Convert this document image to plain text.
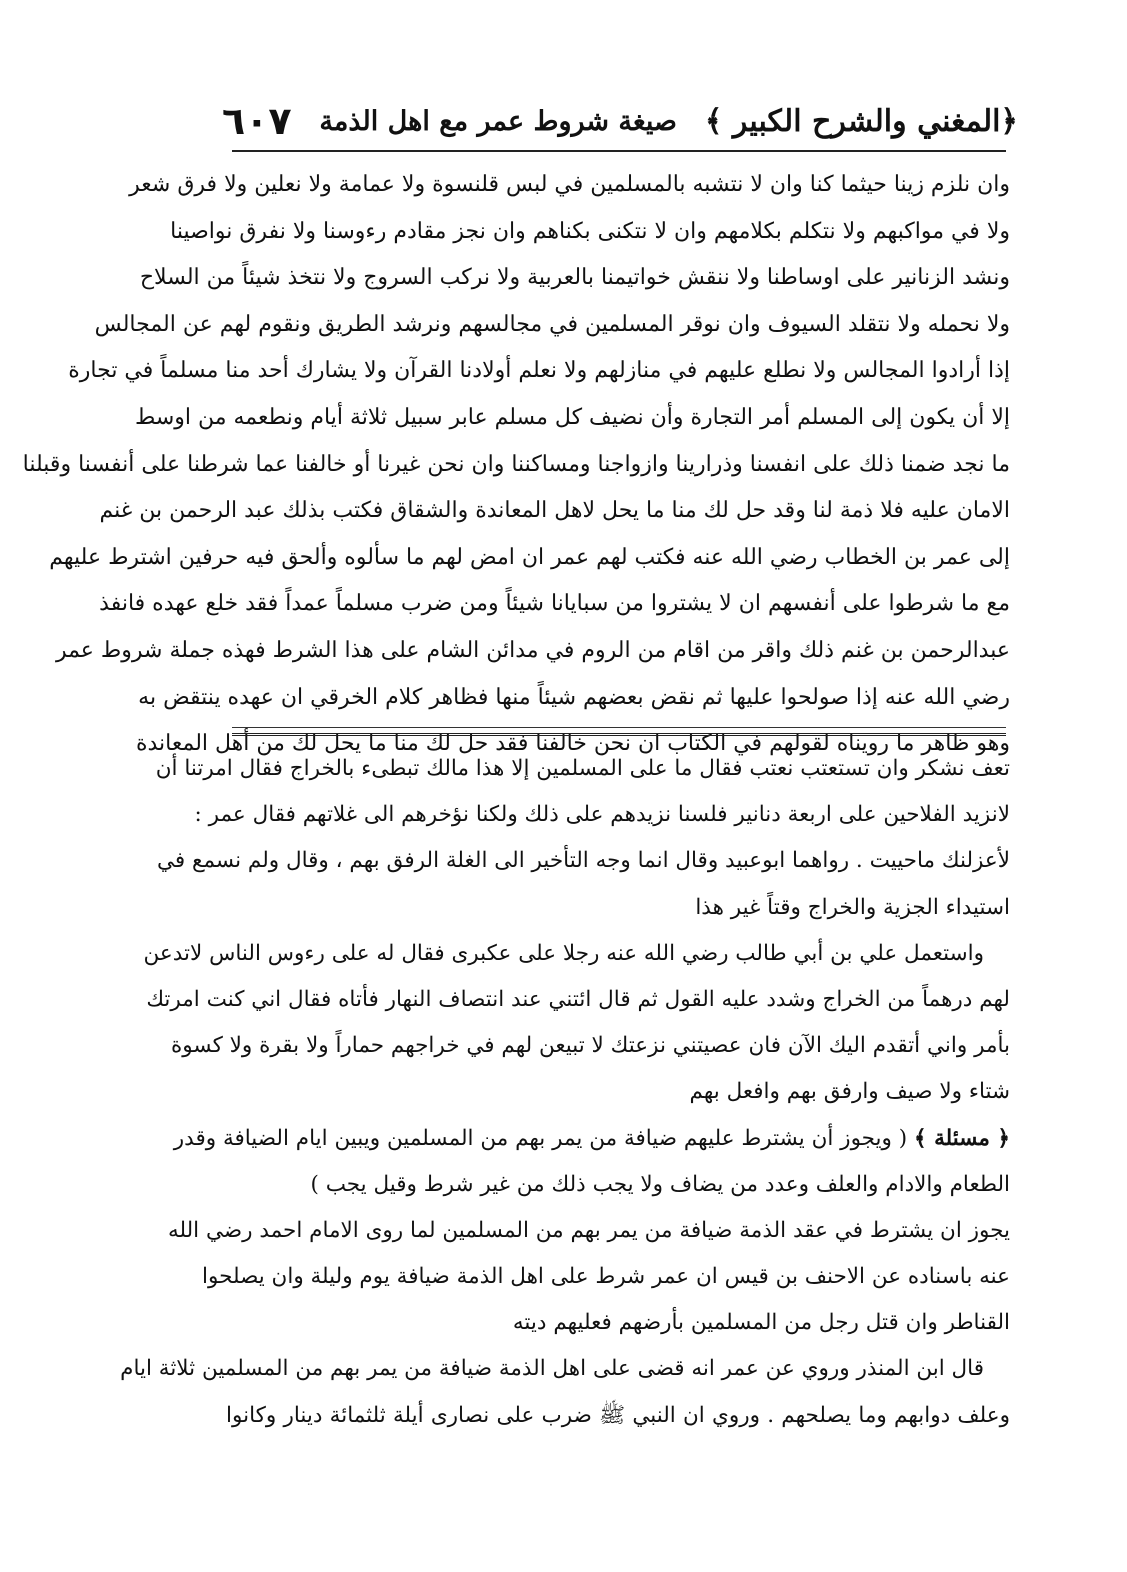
﴿المغني والشرح الكبير ﴾
صيغة شروط عمر مع اهل الذمة
٦٠٧
وان نلزم زينا حيثما كنا وان لا نتشبه بالمسلمين في لبس قلنسوة ولا عمامة ولا نعلين ولا فرق شعر
ولا في مواكبهم ولا نتكلم بكلامهم وان لا نتكنى بكناهم وان نجز مقادم رءوسنا ولا نفرق نواصينا
ونشد الزنانير على اوساطنا ولا ننقش خواتيمنا بالعربية ولا نركب السروج ولا نتخذ شيئاً من السلاح
ولا نحمله ولا نتقلد السيوف وان نوقر المسلمين في مجالسهم ونرشد الطريق ونقوم لهم عن المجالس
إذا أرادوا المجالس ولا نطلع عليهم في منازلهم ولا نعلم أولادنا القرآن ولا يشارك أحد منا مسلماً في تجارة
إلا أن يكون إلى المسلم أمر التجارة وأن نضيف كل مسلم عابر سبيل ثلاثة أيام ونطعمه من اوسط
ما نجد ضمنا ذلك على انفسنا وذرارينا وازواجنا ومساكننا وان نحن غيرنا أو خالفنا عما شرطنا على أنفسنا وقبلنا
الامان عليه فلا ذمة لنا وقد حل لك منا ما يحل لاهل المعاندة والشقاق فكتب بذلك عبد الرحمن بن غنم
إلى عمر بن الخطاب رضي الله عنه فكتب لهم عمر ان امض لهم ما سألوه وألحق فيه حرفين اشترط عليهم
مع ما شرطوا على أنفسهم ان لا يشتروا من سبايانا شيئاً ومن ضرب مسلماً عمداً فقد خلع عهده فانفذ
عبدالرحمن بن غنم ذلك واقر من اقام من الروم في مدائن الشام على هذا الشرط فهذه جملة شروط عمر
رضي الله عنه إذا صولحوا عليها ثم نقض بعضهم شيئاً منها فظاهر كلام الخرقي ان عهده ينتقض به
وهو ظاهر ما رويناه لقولهم في الكتاب ان نحن خالفنا فقد حل لك منا ما يحل لك من أهل المعاندة
تعف نشكر وان تستعتب نعتب فقال ما على المسلمين إلا هذا مالك تبطىء بالخراج فقال امرتنا أن
لانزيد الفلاحين على اربعة دنانير فلسنا نزيدهم على ذلك ولكنا نؤخرهم الى غلاتهم فقال عمر :
لأعزلنك ماحييت . رواهما ابوعبيد وقال انما وجه التأخير الى الغلة الرفق بهم ، وقال ولم نسمع في
استيداء الجزية والخراج وقتاً غير هذا
واستعمل علي بن أبي طالب رضي الله عنه رجلا على عكبرى فقال له على رءوس الناس لاتدعن
لهم درهماً من الخراج وشدد عليه القول ثم قال ائتني عند انتصاف النهار فأتاه فقال اني كنت امرتك
بأمر واني أتقدم اليك الآن فان عصيتني نزعتك لا تبيعن لهم في خراجهم حماراً ولا بقرة ولا كسوة
شتاء ولا صيف وارفق بهم وافعل بهم
﴿ مسئلة ﴾ ( ويجوز أن يشترط عليهم ضيافة من يمر بهم من المسلمين ويبين ايام الضيافة وقدر
الطعام والادام والعلف وعدد من يضاف ولا يجب ذلك من غير شرط وقيل يجب )
يجوز ان يشترط في عقد الذمة ضيافة من يمر بهم من المسلمين لما روى الامام احمد رضي الله
عنه باسناده عن الاحنف بن قيس ان عمر شرط على اهل الذمة ضيافة يوم وليلة وان يصلحوا
القناطر وان قتل رجل من المسلمين بأرضهم فعليهم ديته
قال ابن المنذر وروي عن عمر انه قضى على اهل الذمة ضيافة من يمر بهم من المسلمين ثلاثة ايام
وعلف دوابهم وما يصلحهم . وروي ان النبي ﷺ ضرب على نصارى أيلة ثلثمائة دينار وكانوا
